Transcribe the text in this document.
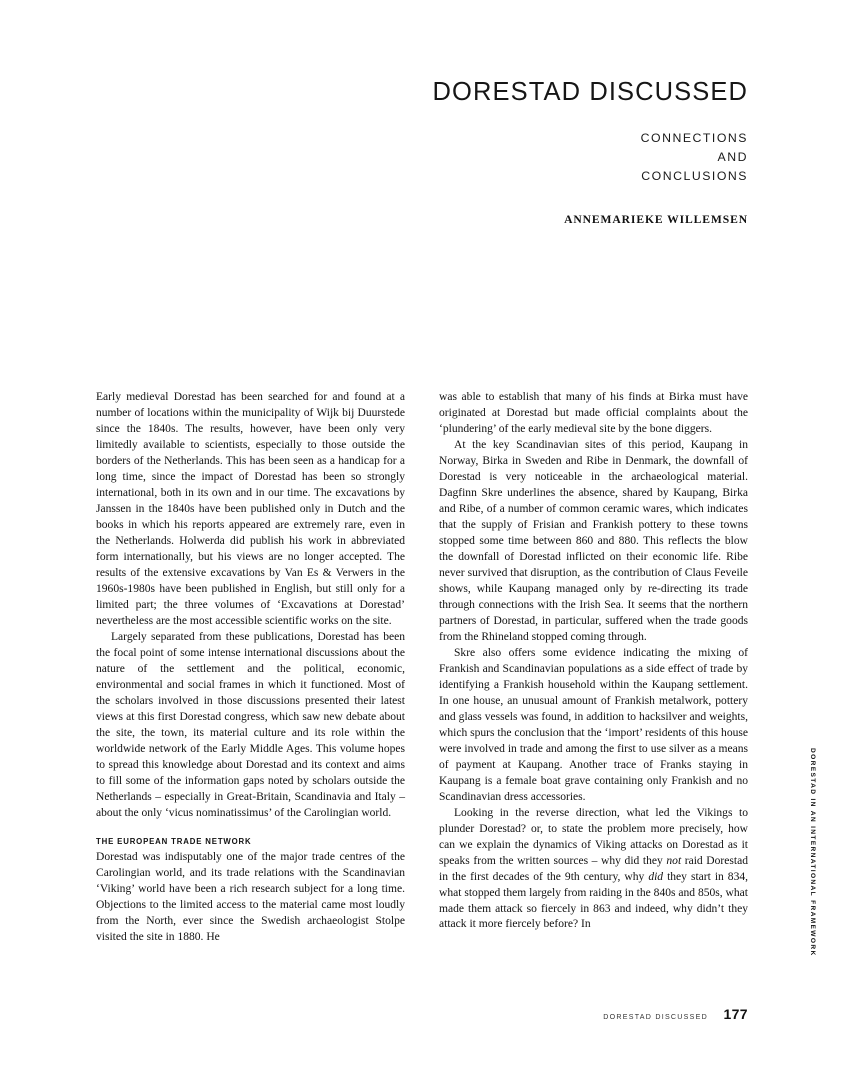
DORESTAD DISCUSSED
CONNECTIONS
AND
CONCLUSIONS
ANNEMARIEKE WILLEMSEN

Early medieval Dorestad has been searched for and found at a number of locations within the municipality of Wijk bij Duurstede since the 1840s. The results, however, have been only very limitedly available to scientists, especially to those outside the borders of the Netherlands. This has been seen as a handicap for a long time, since the impact of Dorestad has been so strongly international, both in its own and in our time. The excavations by Janssen in the 1840s have been published only in Dutch and the books in which his reports appeared are extremely rare, even in the Netherlands. Holwerda did publish his work in abbreviated form internationally, but his views are no longer accepted. The results of the extensive excavations by Van Es & Verwers in the 1960s-1980s have been published in English, but still only for a limited part; the three volumes of ‘Excavations at Dorestad’ nevertheless are the most accessible scientific works on the site.

Largely separated from these publications, Dorestad has been the focal point of some intense international discussions about the nature of the settlement and the political, economic, environmental and social frames in which it functioned. Most of the scholars involved in those discussions presented their latest views at this first Dorestad congress, which saw new debate about the site, the town, its material culture and its role within the worldwide network of the Early Middle Ages. This volume hopes to spread this knowledge about Dorestad and its context and aims to fill some of the information gaps noted by scholars outside the Netherlands – especially in Great-Britain, Scandinavia and Italy – about the only ‘vicus nominatissimus’ of the Carolingian world.

THE EUROPEAN TRADE NETWORK

Dorestad was indisputably one of the major trade centres of the Carolingian world, and its trade relations with the Scandinavian ‘Viking’ world have been a rich research subject for a long time. Objections to the limited access to the material came most loudly from the North, ever since the Swedish archaeologist Stolpe visited the site in 1880. He

was able to establish that many of his finds at Birka must have originated at Dorestad but made official complaints about the ‘plundering’ of the early medieval site by the bone diggers.

At the key Scandinavian sites of this period, Kaupang in Norway, Birka in Sweden and Ribe in Denmark, the downfall of Dorestad is very noticeable in the archaeological material. Dagfinn Skre underlines the absence, shared by Kaupang, Birka and Ribe, of a number of common ceramic wares, which indicates that the supply of Frisian and Frankish pottery to these towns stopped some time between 860 and 880. This reflects the blow the downfall of Dorestad inflicted on their economic life. Ribe never survived that disruption, as the contribution of Claus Feveile shows, while Kaupang managed only by re-directing its trade through connections with the Irish Sea. It seems that the northern partners of Dorestad, in particular, suffered when the trade goods from the Rhineland stopped coming through.

Skre also offers some evidence indicating the mixing of Frankish and Scandinavian populations as a side effect of trade by identifying a Frankish household within the Kaupang settlement. In one house, an unusual amount of Frankish metalwork, pottery and glass vessels was found, in addition to hacksilver and weights, which spurs the conclusion that the ‘import’ residents of this house were involved in trade and among the first to use silver as a means of payment at Kaupang. Another trace of Franks staying in Kaupang is a female boat grave containing only Frankish and no Scandinavian dress accessories.

Looking in the reverse direction, what led the Vikings to plunder Dorestad? or, to state the problem more precisely, how can we explain the dynamics of Viking attacks on Dorestad as it speaks from the written sources – why did they not raid Dorestad in the first decades of the 9th century, why did they start in 834, what stopped them largely from raiding in the 840s and 850s, what made them attack so fiercely in 863 and indeed, why didn’t they attack it more fiercely before? In	DORESTAD IN AN INTERNATIONAL FRAMEWORK
DORESTAD DISCUSSED 177
